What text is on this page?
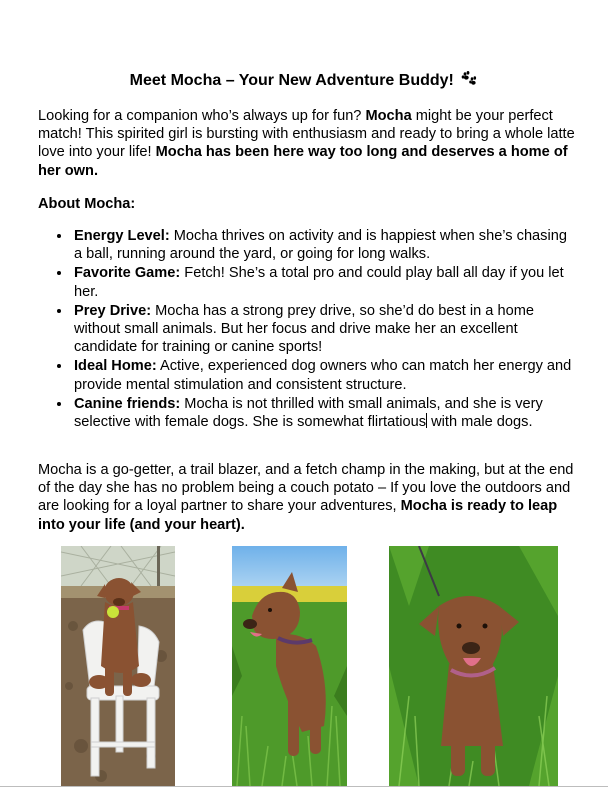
Meet Mocha – Your New Adventure Buddy!

Looking for a companion who’s always up for fun? Mocha might be your perfect match! This spirited girl is bursting with enthusiasm and ready to bring a whole latte love into your life! Mocha has been here way too long and deserves a home of her own.

About Mocha:
Energy Level: Mocha thrives on activity and is happiest when she’s chasing a ball, running around the yard, or going for long walks.
Favorite Game: Fetch! She’s a total pro and could play ball all day if you let her.
Prey Drive: Mocha has a strong prey drive, so she’d do best in a home without small animals. But her focus and drive make her an excellent candidate for training or canine sports!
Ideal Home: Active, experienced dog owners who can match her energy and provide mental stimulation and consistent structure.
Canine friends: Mocha is not thrilled with small animals, and she is very selective with female dogs. She is somewhat flirtatious with male dogs.

Mocha is a go-getter, a trail blazer, and a fetch champ in the making, but at the end of the day she has no problem being a couch potato – If you love the outdoors and are looking for a loyal partner to share your adventures, Mocha is ready to leap into your life (and your heart).
